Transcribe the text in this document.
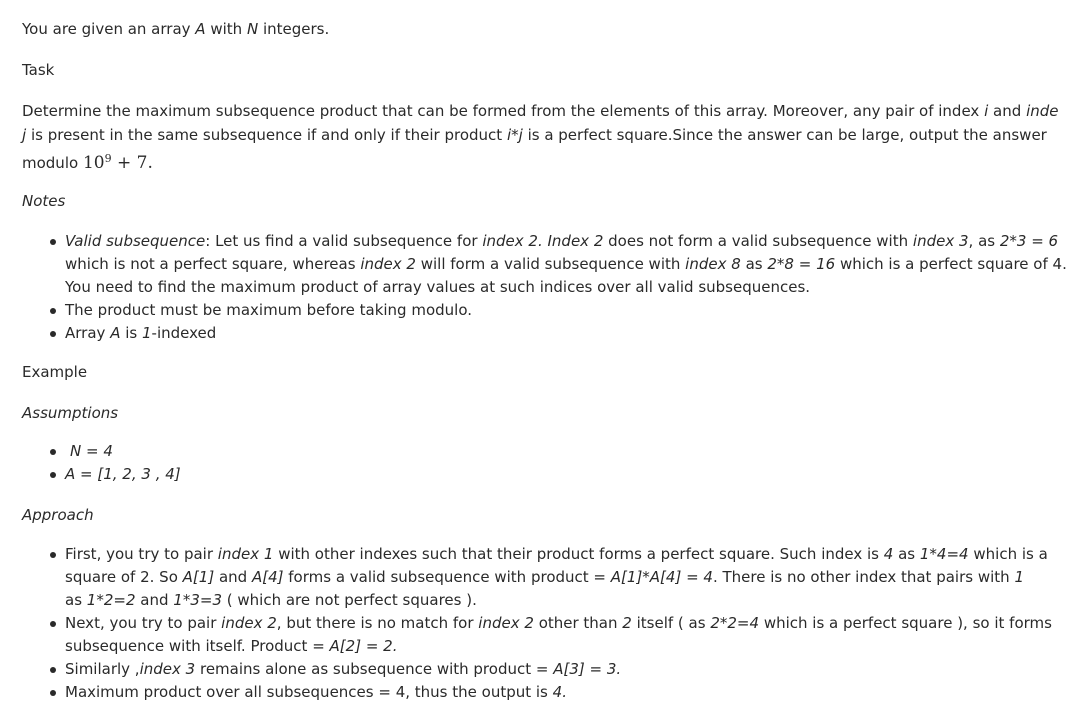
You are given an array A with N integers.

Task

Determine the maximum subsequence product that can be formed from the elements of this array. Moreover, any pair of index i and inde

j is present in the same subsequence if and only if their product i*j is a perfect square.Since the answer can be large, output the answer

modulo $10^9 + 7$.

Notes

Valid subsequence: Let us find a valid subsequence for index 2. Index 2 does not form a valid subsequence with index 3, as 2*3 = 6
which is not a perfect square, whereas index 2 will form a valid subsequence with index 8 as 2*8 = 16 which is a perfect square of 4.
You need to find the maximum product of array values at such indices over all valid subsequences.
The product must be maximum before taking modulo.
Array A is 1-indexed

Example

Assumptions

N = 4
A = [1, 2, 3 , 4]

Approach

First, you try to pair index 1 with other indexes such that their product forms a perfect square. Such index is 4 as 1*4=4 which is a
square of 2. So A[1] and A[4] forms a valid subsequence with product = A[1]*A[4] = 4. There is no other index that pairs with 1
as 1*2=2 and 1*3=3 ( which are not perfect squares ).
Next, you try to pair index 2, but there is no match for index 2 other than 2 itself ( as 2*2=4 which is a perfect square ), so it forms
subsequence with itself. Product = A[2] = 2.
Similarly ,index 3 remains alone as subsequence with product = A[3] = 3.
Maximum product over all subsequences = 4, thus the output is 4.
